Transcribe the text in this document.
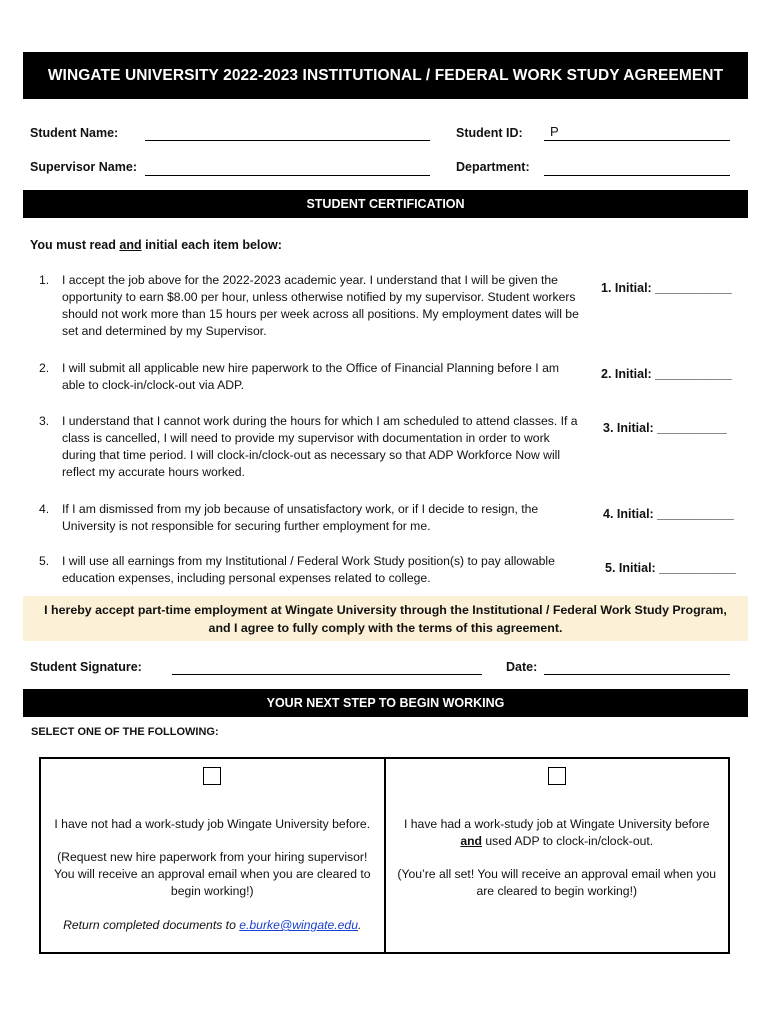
WINGATE UNIVERSITY 2022-2023 INSTITUTIONAL / FEDERAL WORK STUDY AGREEMENT
Student Name:	Student ID: P
Supervisor Name:	Department:
STUDENT CERTIFICATION
You must read and initial each item below:
1.	I accept the job above for the 2022-2023 academic year. I understand that I will be given the opportunity to earn $8.00 per hour, unless otherwise notified by my supervisor. Student workers should not work more than 15 hours per week across all positions. My employment dates will be set and determined by my Supervisor.
1. Initial: ___________
2.	I will submit all applicable new hire paperwork to the Office of Financial Planning before I am able to clock-in/clock-out via ADP.
2. Initial: ___________
3.	I understand that I cannot work during the hours for which I am scheduled to attend classes. If a class is cancelled, I will need to provide my supervisor with documentation in order to work during that time period. I will clock-in/clock-out as necessary so that ADP Workforce Now will reflect my accurate hours worked.
3. Initial: __________
4.	If I am dismissed from my job because of unsatisfactory work, or if I decide to resign, the University is not responsible for securing further employment for me.
4. Initial: ___________
5.	I will use all earnings from my Institutional / Federal Work Study position(s) to pay allowable education expenses, including personal expenses related to college.
5. Initial: ___________
I hereby accept part-time employment at Wingate University through the Institutional / Federal Work Study Program, and I agree to fully comply with the terms of this agreement.
Student Signature:	Date:
YOUR NEXT STEP TO BEGIN WORKING
SELECT ONE OF THE FOLLOWING:
I have not had a work-study job Wingate University before.
(Request new hire paperwork from your hiring supervisor! You will receive an approval email when you are cleared to begin working!)
Return completed documents to e.burke@wingate.edu.
I have had a work-study job at Wingate University before and used ADP to clock-in/clock-out.
(You’re all set! You will receive an approval email when you are cleared to begin working!)
